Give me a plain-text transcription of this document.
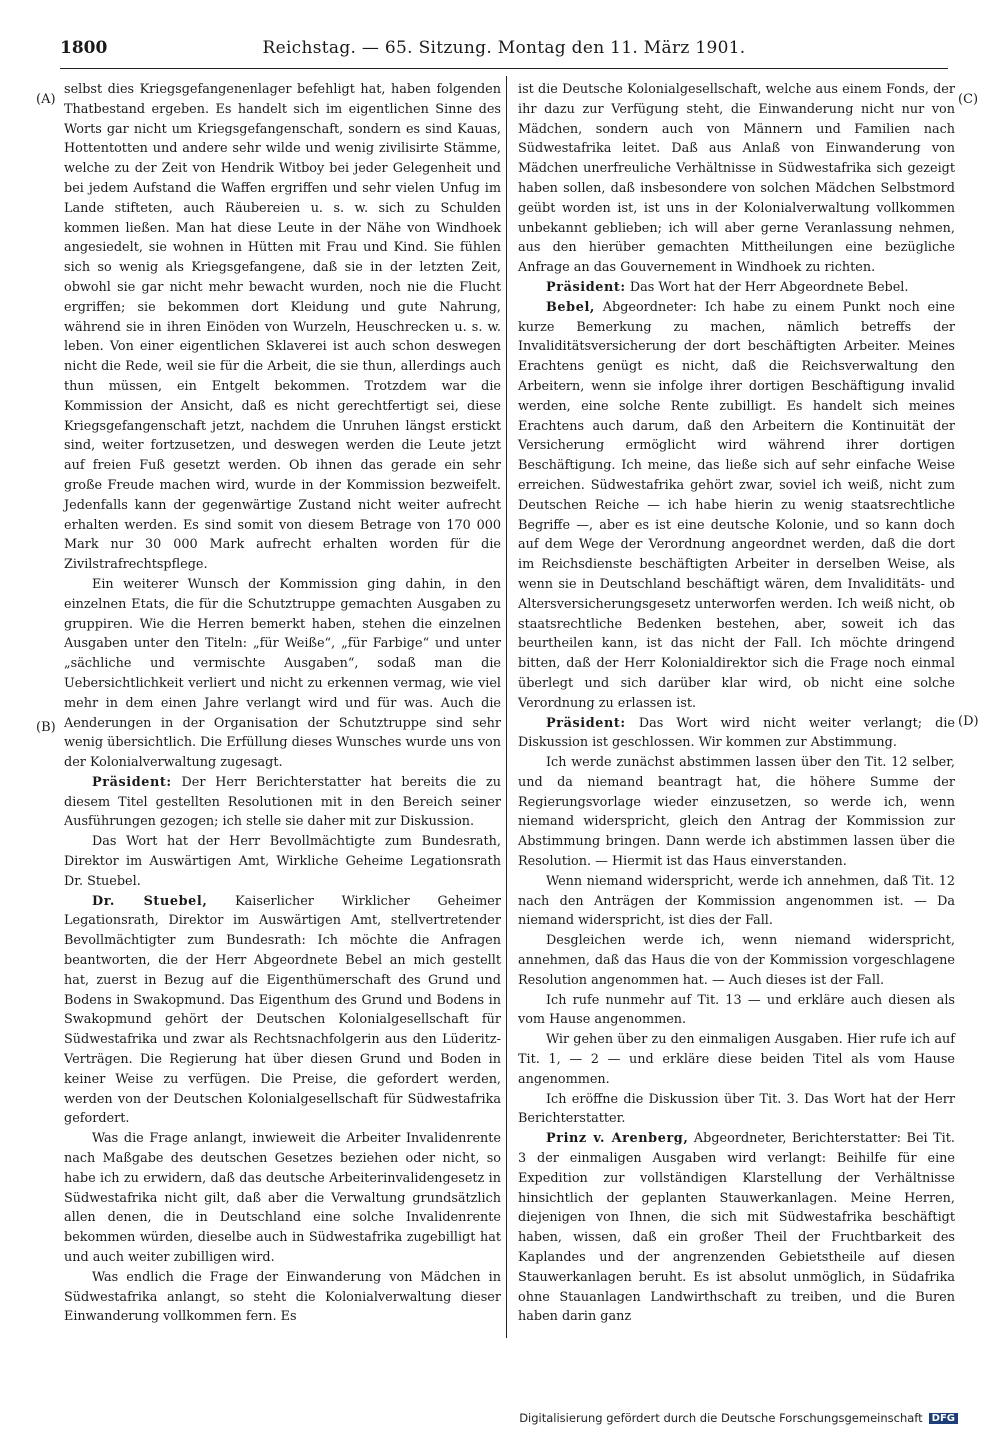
1800	Reichstag. — 65. Sitzung. Montag den 11. März 1901.
(A)
(B)
(C)
(D)

selbst dies Kriegsgefangenenlager befehligt hat, haben folgenden Thatbestand ergeben. Es handelt sich im eigentlichen Sinne des Worts gar nicht um Kriegsgefangenschaft, sondern es sind Kauas, Hottentotten und andere sehr wilde und wenig zivilisirte Stämme, welche zu der Zeit von Hendrik Witboy bei jeder Gelegenheit und bei jedem Aufstand die Waffen ergriffen und sehr vielen Unfug im Lande stifteten, auch Räubereien u. s. w. sich zu Schulden kommen ließen. Man hat diese Leute in der Nähe von Windhoek angesiedelt, sie wohnen in Hütten mit Frau und Kind. Sie fühlen sich so wenig als Kriegsgefangene, daß sie in der letzten Zeit, obwohl sie gar nicht mehr bewacht wurden, noch nie die Flucht ergriffen; sie bekommen dort Kleidung und gute Nahrung, während sie in ihren Einöden von Wurzeln, Heuschrecken u. s. w. leben. Von einer eigentlichen Sklaverei ist auch schon deswegen nicht die Rede, weil sie für die Arbeit, die sie thun, allerdings auch thun müssen, ein Entgelt bekommen. Trotzdem war die Kommission der Ansicht, daß es nicht gerechtfertigt sei, diese Kriegsgefangenschaft jetzt, nachdem die Unruhen längst erstickt sind, weiter fortzusetzen, und deswegen werden die Leute jetzt auf freien Fuß gesetzt werden. Ob ihnen das gerade ein sehr große Freude machen wird, wurde in der Kommission bezweifelt. Jedenfalls kann der gegenwärtige Zustand nicht weiter aufrecht erhalten werden. Es sind somit von diesem Betrage von 170 000 Mark nur 30 000 Mark aufrecht erhalten worden für die Zivilstrafrechtspflege.

Ein weiterer Wunsch der Kommission ging dahin, in den einzelnen Etats, die für die Schutztruppe gemachten Ausgaben zu gruppiren. Wie die Herren bemerkt haben, stehen die einzelnen Ausgaben unter den Titeln: „für Weiße“, „für Farbige“ und unter „sächliche und vermischte Ausgaben“, sodaß man die Uebersichtlichkeit verliert und nicht zu erkennen vermag, wie viel mehr in dem einen Jahre verlangt wird und für was. Auch die Aenderungen in der Organisation der Schutztruppe sind sehr wenig übersichtlich. Die Erfüllung dieses Wunsches wurde uns von der Kolonialverwaltung zugesagt.

Präsident: Der Herr Berichterstatter hat bereits die zu diesem Titel gestellten Resolutionen mit in den Bereich seiner Ausführungen gezogen; ich stelle sie daher mit zur Diskussion.

Das Wort hat der Herr Bevollmächtigte zum Bundesrath, Direktor im Auswärtigen Amt, Wirkliche Geheime Legationsrath Dr. Stuebel.

Dr. Stuebel, Kaiserlicher Wirklicher Geheimer Legationsrath, Direktor im Auswärtigen Amt, stellvertretender Bevollmächtigter zum Bundesrath: Ich möchte die Anfragen beantworten, die der Herr Abgeordnete Bebel an mich gestellt hat, zuerst in Bezug auf die Eigenthümerschaft des Grund und Bodens in Swakopmund. Das Eigenthum des Grund und Bodens in Swakopmund gehört der Deutschen Kolonialgesellschaft für Südwestafrika und zwar als Rechtsnachfolgerin aus den Lüderitz-Verträgen. Die Regierung hat über diesen Grund und Boden in keiner Weise zu verfügen. Die Preise, die gefordert werden, werden von der Deutschen Kolonialgesellschaft für Südwestafrika gefordert.

Was die Frage anlangt, inwieweit die Arbeiter Invalidenrente nach Maßgabe des deutschen Gesetzes beziehen oder nicht, so habe ich zu erwidern, daß das deutsche Arbeiterinvalidengesetz in Südwestafrika nicht gilt, daß aber die Verwaltung grundsätzlich allen denen, die in Deutschland eine solche Invalidenrente bekommen würden, dieselbe auch in Südwestafrika zugebilligt hat und auch weiter zubilligen wird.

Was endlich die Frage der Einwanderung von Mädchen in Südwestafrika anlangt, so steht die Kolonialverwaltung dieser Einwanderung vollkommen fern. Es

ist die Deutsche Kolonialgesellschaft, welche aus einem Fonds, der ihr dazu zur Verfügung steht, die Einwanderung nicht nur von Mädchen, sondern auch von Männern und Familien nach Südwestafrika leitet. Daß aus Anlaß von Einwanderung von Mädchen unerfreuliche Verhältnisse in Südwestafrika sich gezeigt haben sollen, daß insbesondere von solchen Mädchen Selbstmord geübt worden ist, ist uns in der Kolonialverwaltung vollkommen unbekannt geblieben; ich will aber gerne Veranlassung nehmen, aus den hierüber gemachten Mittheilungen eine bezügliche Anfrage an das Gouvernement in Windhoek zu richten.

Präsident: Das Wort hat der Herr Abgeordnete Bebel.

Bebel, Abgeordneter: Ich habe zu einem Punkt noch eine kurze Bemerkung zu machen, nämlich betreffs der Invaliditätsversicherung der dort beschäftigten Arbeiter. Meines Erachtens genügt es nicht, daß die Reichsverwaltung den Arbeitern, wenn sie infolge ihrer dortigen Beschäftigung invalid werden, eine solche Rente zubilligt. Es handelt sich meines Erachtens auch darum, daß den Arbeitern die Kontinuität der Versicherung ermöglicht wird während ihrer dortigen Beschäftigung. Ich meine, das ließe sich auf sehr einfache Weise erreichen. Südwestafrika gehört zwar, soviel ich weiß, nicht zum Deutschen Reiche — ich habe hierin zu wenig staatsrechtliche Begriffe —, aber es ist eine deutsche Kolonie, und so kann doch auf dem Wege der Verordnung angeordnet werden, daß die dort im Reichsdienste beschäftigten Arbeiter in derselben Weise, als wenn sie in Deutschland beschäftigt wären, dem Invaliditäts- und Altersversicherungsgesetz unterworfen werden. Ich weiß nicht, ob staatsrechtliche Bedenken bestehen, aber, soweit ich das beurtheilen kann, ist das nicht der Fall. Ich möchte dringend bitten, daß der Herr Kolonialdirektor sich die Frage noch einmal überlegt und sich darüber klar wird, ob nicht eine solche Verordnung zu erlassen ist.

Präsident: Das Wort wird nicht weiter verlangt; die Diskussion ist geschlossen. Wir kommen zur Abstimmung.

Ich werde zunächst abstimmen lassen über den Tit. 12 selber, und da niemand beantragt hat, die höhere Summe der Regierungsvorlage wieder einzusetzen, so werde ich, wenn niemand widerspricht, gleich den Antrag der Kommission zur Abstimmung bringen. Dann werde ich abstimmen lassen über die Resolution. — Hiermit ist das Haus einverstanden.

Wenn niemand widerspricht, werde ich annehmen, daß Tit. 12 nach den Anträgen der Kommission angenommen ist. — Da niemand widerspricht, ist dies der Fall.

Desgleichen werde ich, wenn niemand widerspricht, annehmen, daß das Haus die von der Kommission vorgeschlagene Resolution angenommen hat. — Auch dieses ist der Fall.

Ich rufe nunmehr auf Tit. 13 — und erkläre auch diesen als vom Hause angenommen.

Wir gehen über zu den einmaligen Ausgaben. Hier rufe ich auf Tit. 1, — 2 — und erkläre diese beiden Titel als vom Hause angenommen.

Ich eröffne die Diskussion über Tit. 3. Das Wort hat der Herr Berichterstatter.

Prinz v. Arenberg, Abgeordneter, Berichterstatter: Bei Tit. 3 der einmaligen Ausgaben wird verlangt: Beihilfe für eine Expedition zur vollständigen Klarstellung der Verhältnisse hinsichtlich der geplanten Stauwerkanlagen. Meine Herren, diejenigen von Ihnen, die sich mit Südwestafrika beschäftigt haben, wissen, daß ein großer Theil der Fruchtbarkeit des Kaplandes und der angrenzenden Gebietstheile auf diesen Stauwerkanlagen beruht. Es ist absolut unmöglich, in Südafrika ohne Stauanlagen Landwirthschaft zu treiben, und die Buren haben darin ganz

Digitalisierung gefördert durch die Deutsche Forschungsgemeinschaft DFG
